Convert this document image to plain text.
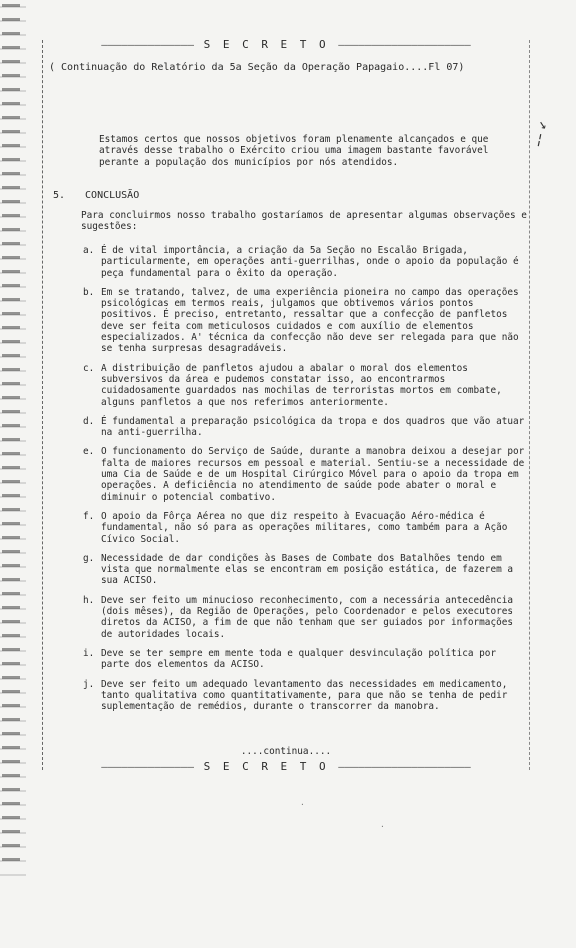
—————————————— S E C R E T O ————————————————————
( Continuação do Relatório da 5a Seção da Operação Papagaio....Fl 07)
↘ ¦

Estamos certos que nossos objetivos foram plenamente alcançados e que através desse trabalho o Exército criou uma imagem bastante favorável perante a população dos municípios por nós atendidos.

5. CONCLUSÃO

Para concluirmos nosso trabalho gostaríamos de apresentar algumas observações e sugestões:

a. É de vital importância, a criação da 5a Seção no Escalão Brigada, particularmente, em operações anti-guerrilhas, onde o apoio da população é peça fundamental para o êxito da operação.

b. Em se tratando, talvez, de uma experiência pioneira no campo das operações psicológicas em termos reais, julgamos que obtivemos vários pontos positivos. É preciso, entretanto, ressaltar que a confecção de panfletos deve ser feita com meticulosos cuidados e com auxílio de elementos especializados. A' técnica da confecção não deve ser relegada para que não se tenha surpresas desagradáveis.

c. A distribuição de panfletos ajudou a abalar o moral dos elementos subversivos da área e pudemos constatar isso, ao encontrarmos cuidadosamente guardados nas mochilas de terroristas mortos em combate, alguns panfletos a que nos referimos anteriormente.

d. É fundamental a preparação psicológica da tropa e dos quadros que vão atuar na anti-guerrilha.

e. O funcionamento do Serviço de Saúde, durante a manobra deixou a desejar por falta de maiores recursos em pessoal e material. Sentiu-se a necessidade de uma Cia de Saúde e de um Hospital Cirúrgico Móvel para o apoio da tropa em operações. A deficiência no atendimento de saúde pode abater o moral e diminuir o potencial combativo.

f. O apoio da Fôrça Aérea no que diz respeito à Evacuação Aéro-médica é fundamental, não só para as operações militares, como também para a Ação Cívico Social.

g. Necessidade de dar condições às Bases de Combate dos Batalhões tendo em vista que normalmente elas se encontram em posição estática, de fazerem a sua ACISO.

h. Deve ser feito um minucioso reconhecimento, com a necessária antecedência (dois mêses), da Região de Operações, pelo Coordenador e pelos executores diretos da ACISO, a fim de que não tenham que ser guiados por informações de autoridades locais.

i. Deve se ter sempre em mente toda e qualquer desvinculação política por parte dos elementos da ACISO.

j. Deve ser feito um adequado levantamento das necessidades em medicamento, tanto qualitativa como quantitativamente, para que não se tenha de pedir suplementação de remédios, durante o transcorrer da manobra.

....continua....
—————————————— S E C R E T O ————————————————————
·
·
